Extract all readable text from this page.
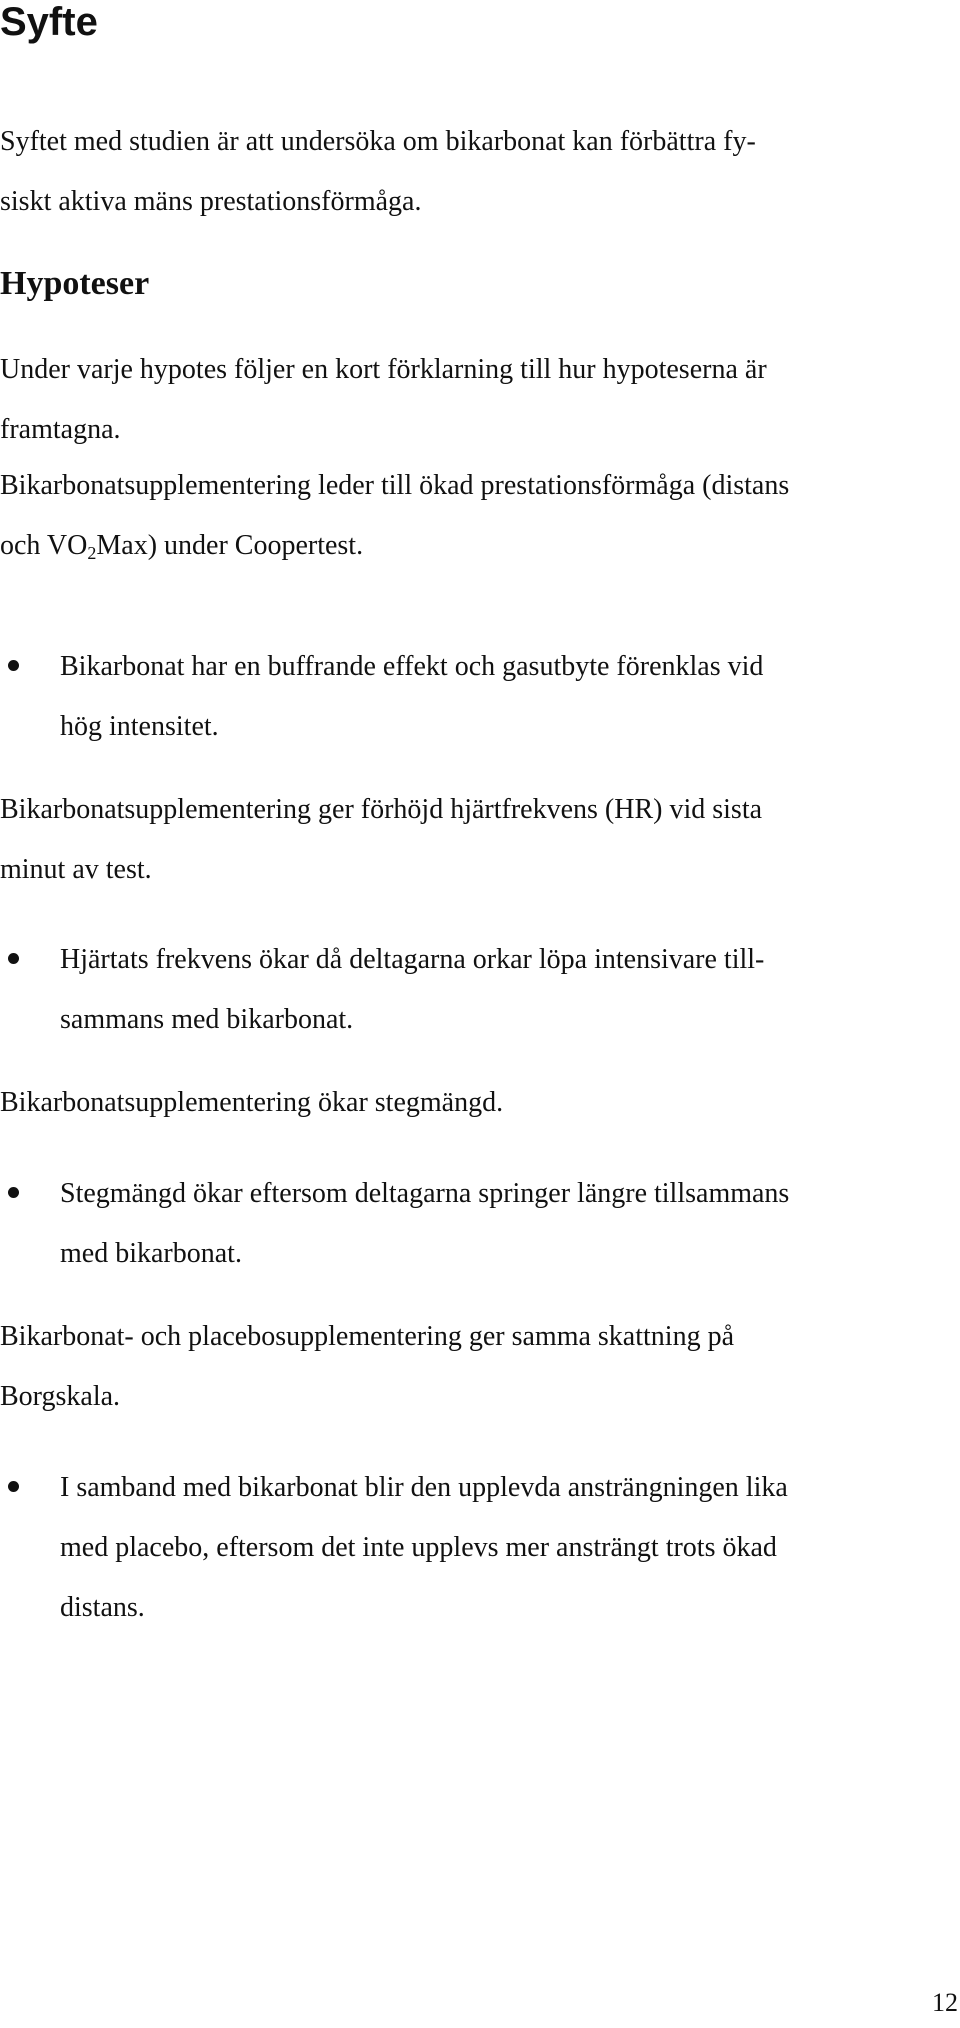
Syfte

Syftet med studien är att undersöka om bikarbonat kan förbättra fy-
siskt aktiva mäns prestationsförmåga.

Hypoteser

Under varje hypotes följer en kort förklarning till hur hypoteserna är
framtagna.

Bikarbonatsupplementering leder till ökad prestationsförmåga (distans
och $VO_2Max$) under Coopertest.

Bikarbonat har en buffrande effekt och gasutbyte förenklas vid
hög intensitet.

Bikarbonatsupplementering ger förhöjd hjärtfrekvens (HR) vid sista
minut av test.

Hjärtats frekvens ökar då deltagarna orkar löpa intensivare till-
sammans med bikarbonat.

Bikarbonatsupplementering ökar stegmängd.

Stegmängd ökar eftersom deltagarna springer längre tillsammans
med bikarbonat.

Bikarbonat- och placebosupplementering ger samma skattning på
Borgskala.

I samband med bikarbonat blir den upplevda ansträngningen lika
med placebo, eftersom det inte upplevs mer ansträngt trots ökad
distans.

12
